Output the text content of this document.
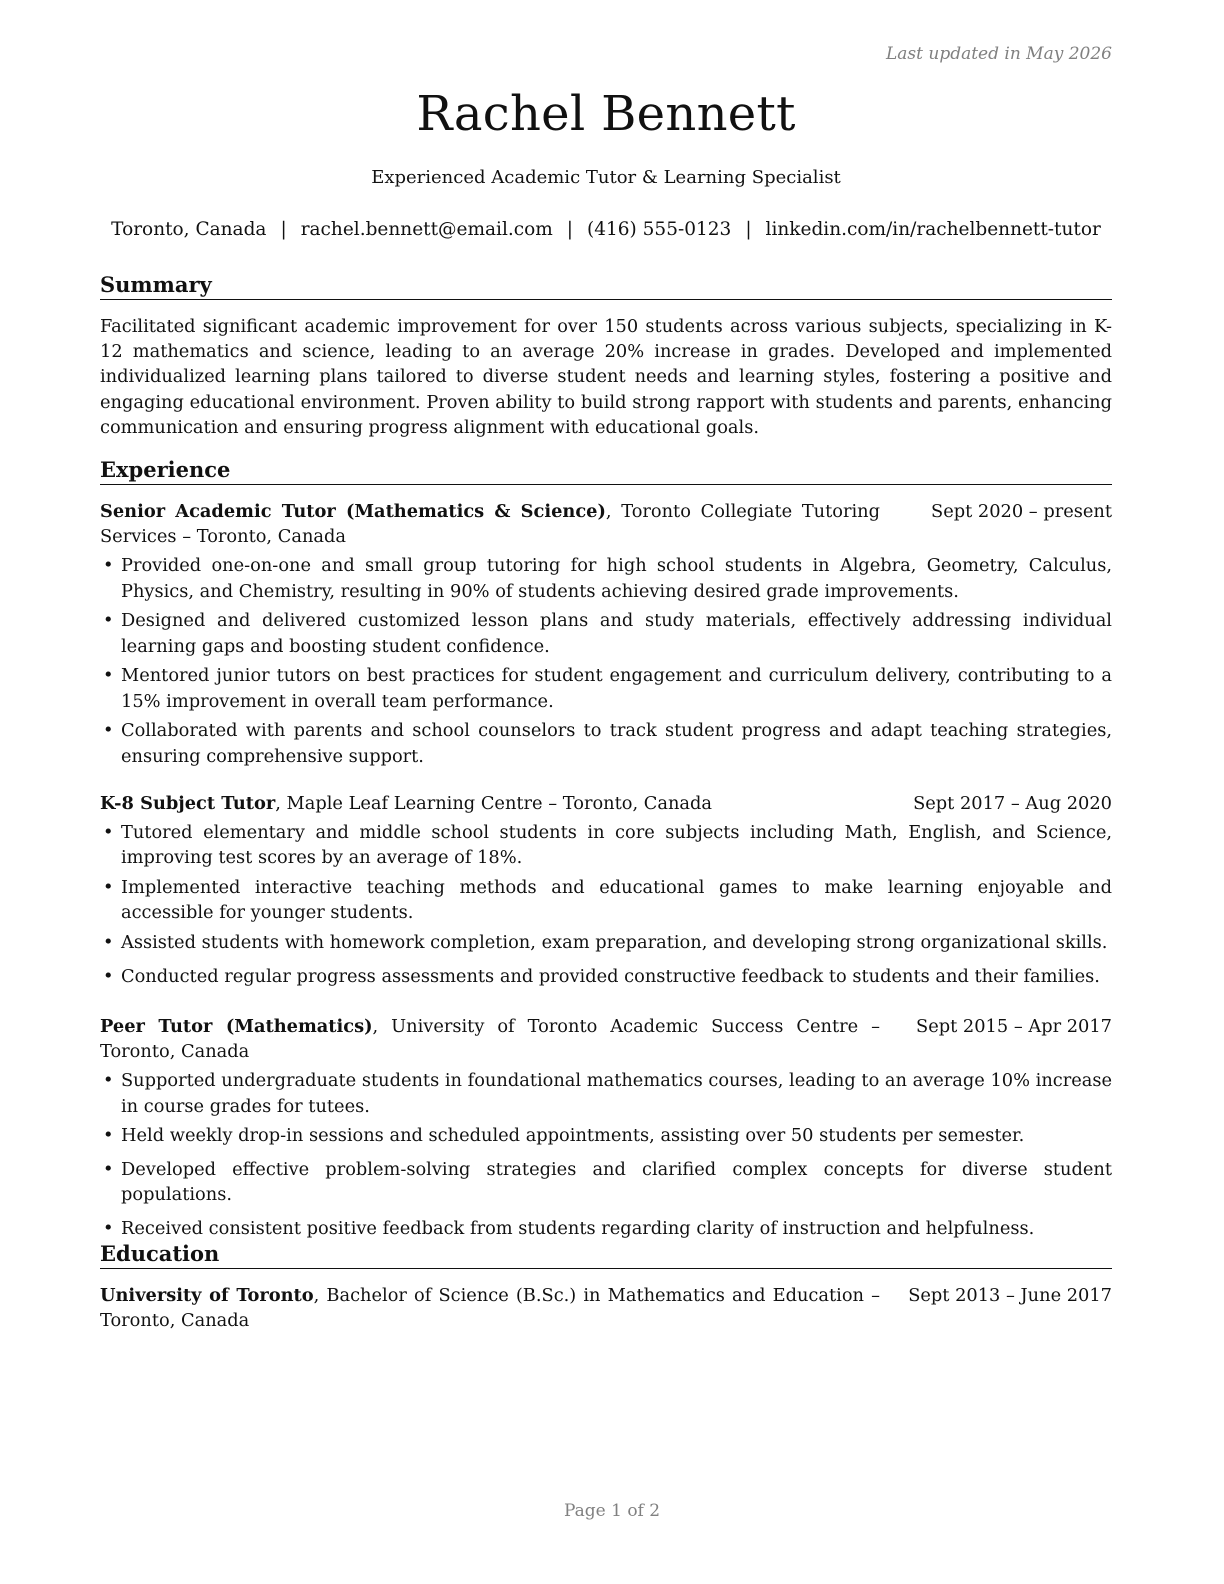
Last updated in May 2026
Rachel Bennett
Experienced Academic Tutor & Learning Specialist
Toronto, Canada | rachel.bennett@email.com | (416) 555-0123 | linkedin.com/in/rachelbennett-tutor
Summary

Facilitated significant academic improvement for over 150 students across various subjects, specializing in K-12 mathematics and science, leading to an average 20% increase in grades. Developed and implemented individualized learning plans tailored to diverse student needs and learning styles, fostering a positive and engaging educational environment. Proven ability to build strong rapport with students and parents, enhancing communication and ensuring progress alignment with educational goals.

Experience
Senior Academic Tutor (Mathematics & Science), Toronto Collegiate Tutoring Services – Toronto, Canada
Sept 2020 – present
• Provided one-on-one and small group tutoring for high school students in Algebra, Geometry, Calculus, Physics, and Chemistry, resulting in 90% of students achieving desired grade improvements.
• Designed and delivered customized lesson plans and study materials, effectively addressing individual learning gaps and boosting student confidence.
• Mentored junior tutors on best practices for student engagement and curriculum delivery, contributing to a 15% improvement in overall team performance.
• Collaborated with parents and school counselors to track student progress and adapt teaching strategies, ensuring comprehensive support.
K-8 Subject Tutor, Maple Leaf Learning Centre – Toronto, Canada	Sept 2017 – Aug 2020
• Tutored elementary and middle school students in core subjects including Math, English, and Science, improving test scores by an average of 18%.
• Implemented interactive teaching methods and educational games to make learning enjoyable and accessible for younger students.
• Assisted students with homework completion, exam preparation, and developing strong organizational skills.
• Conducted regular progress assessments and provided constructive feedback to students and their families.
Peer Tutor (Mathematics), University of Toronto Academic Success Centre – Toronto, Canada
Sept 2015 – Apr 2017
• Supported undergraduate students in foundational mathematics courses, leading to an average 10% increase in course grades for tutees.
• Held weekly drop-in sessions and scheduled appointments, assisting over 50 students per semester.
• Developed effective problem-solving strategies and clarified complex concepts for diverse student populations.
• Received consistent positive feedback from students regarding clarity of instruction and helpfulness.
Education
University of Toronto, Bachelor of Science (B.Sc.) in Mathematics and Education – Toronto, Canada
Sept 2013 – June 2017
Page 1 of 2
